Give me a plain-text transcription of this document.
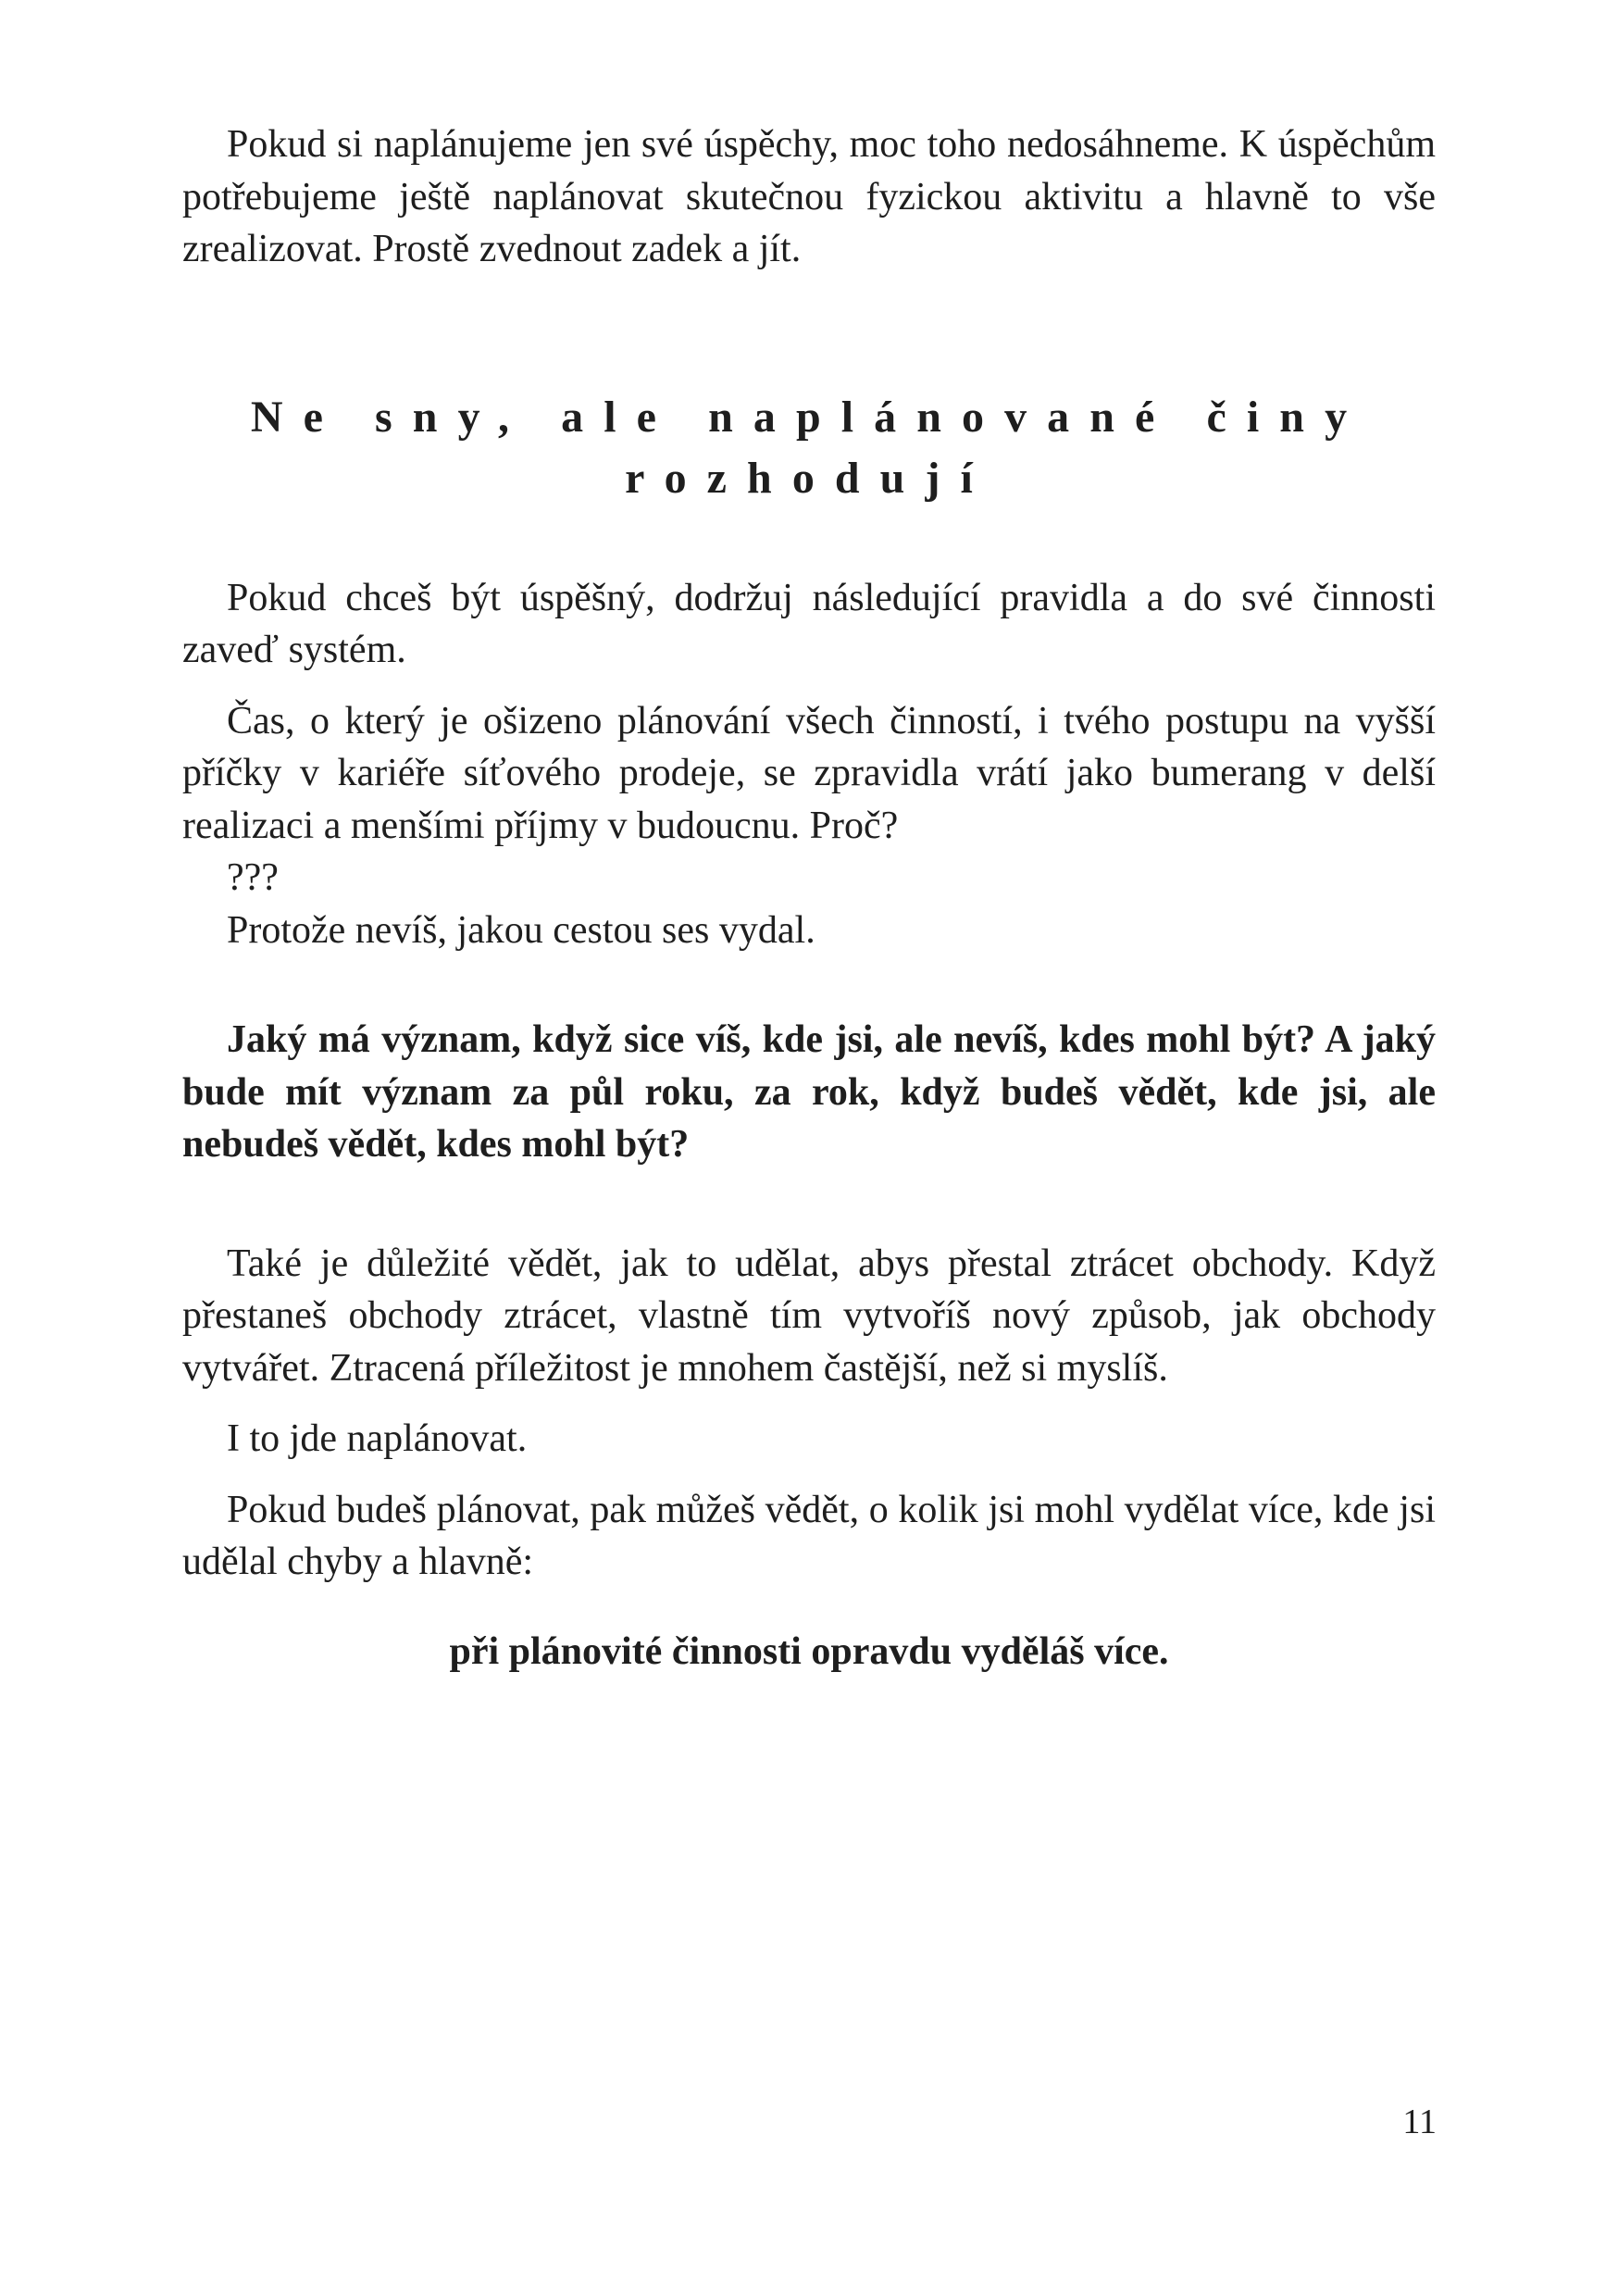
Pokud si naplánujeme jen své úspěchy, moc toho nedosáhneme. K úspěchům potřebujeme ještě naplánovat skutečnou fyzickou aktivitu a hlavně to vše zrealizovat. Prostě zvednout zadek a jít.

Ne sny, ale naplánované činy
rozhodují

Pokud chceš být úspěšný, dodržuj následující pravidla a do své činnosti zaveď systém.

Čas, o který je ošizeno plánování všech činností, i tvého postupu na vyšší příčky v kariéře síťového prodeje, se zpravidla vrátí jako bumerang v delší realizaci a menšími příjmy v budoucnu. Proč?

???

Protože nevíš, jakou cestou ses vydal.

Jaký má význam, když sice víš, kde jsi, ale nevíš, kdes mohl být? A jaký bude mít význam za půl roku, za rok, když budeš vědět, kde jsi, ale nebudeš vědět, kdes mohl být?

Také je důležité vědět, jak to udělat, abys přestal ztrácet obchody. Když přestaneš obchody ztrácet, vlastně tím vytvoříš nový způsob, jak obchody vytvářet. Ztracená příležitost je mnohem častější, než si myslíš.

I to jde naplánovat.

Pokud budeš plánovat, pak můžeš vědět, o kolik jsi mohl vydělat více, kde jsi udělal chyby a hlavně:

při plánovité činnosti opravdu vyděláš více.

11
